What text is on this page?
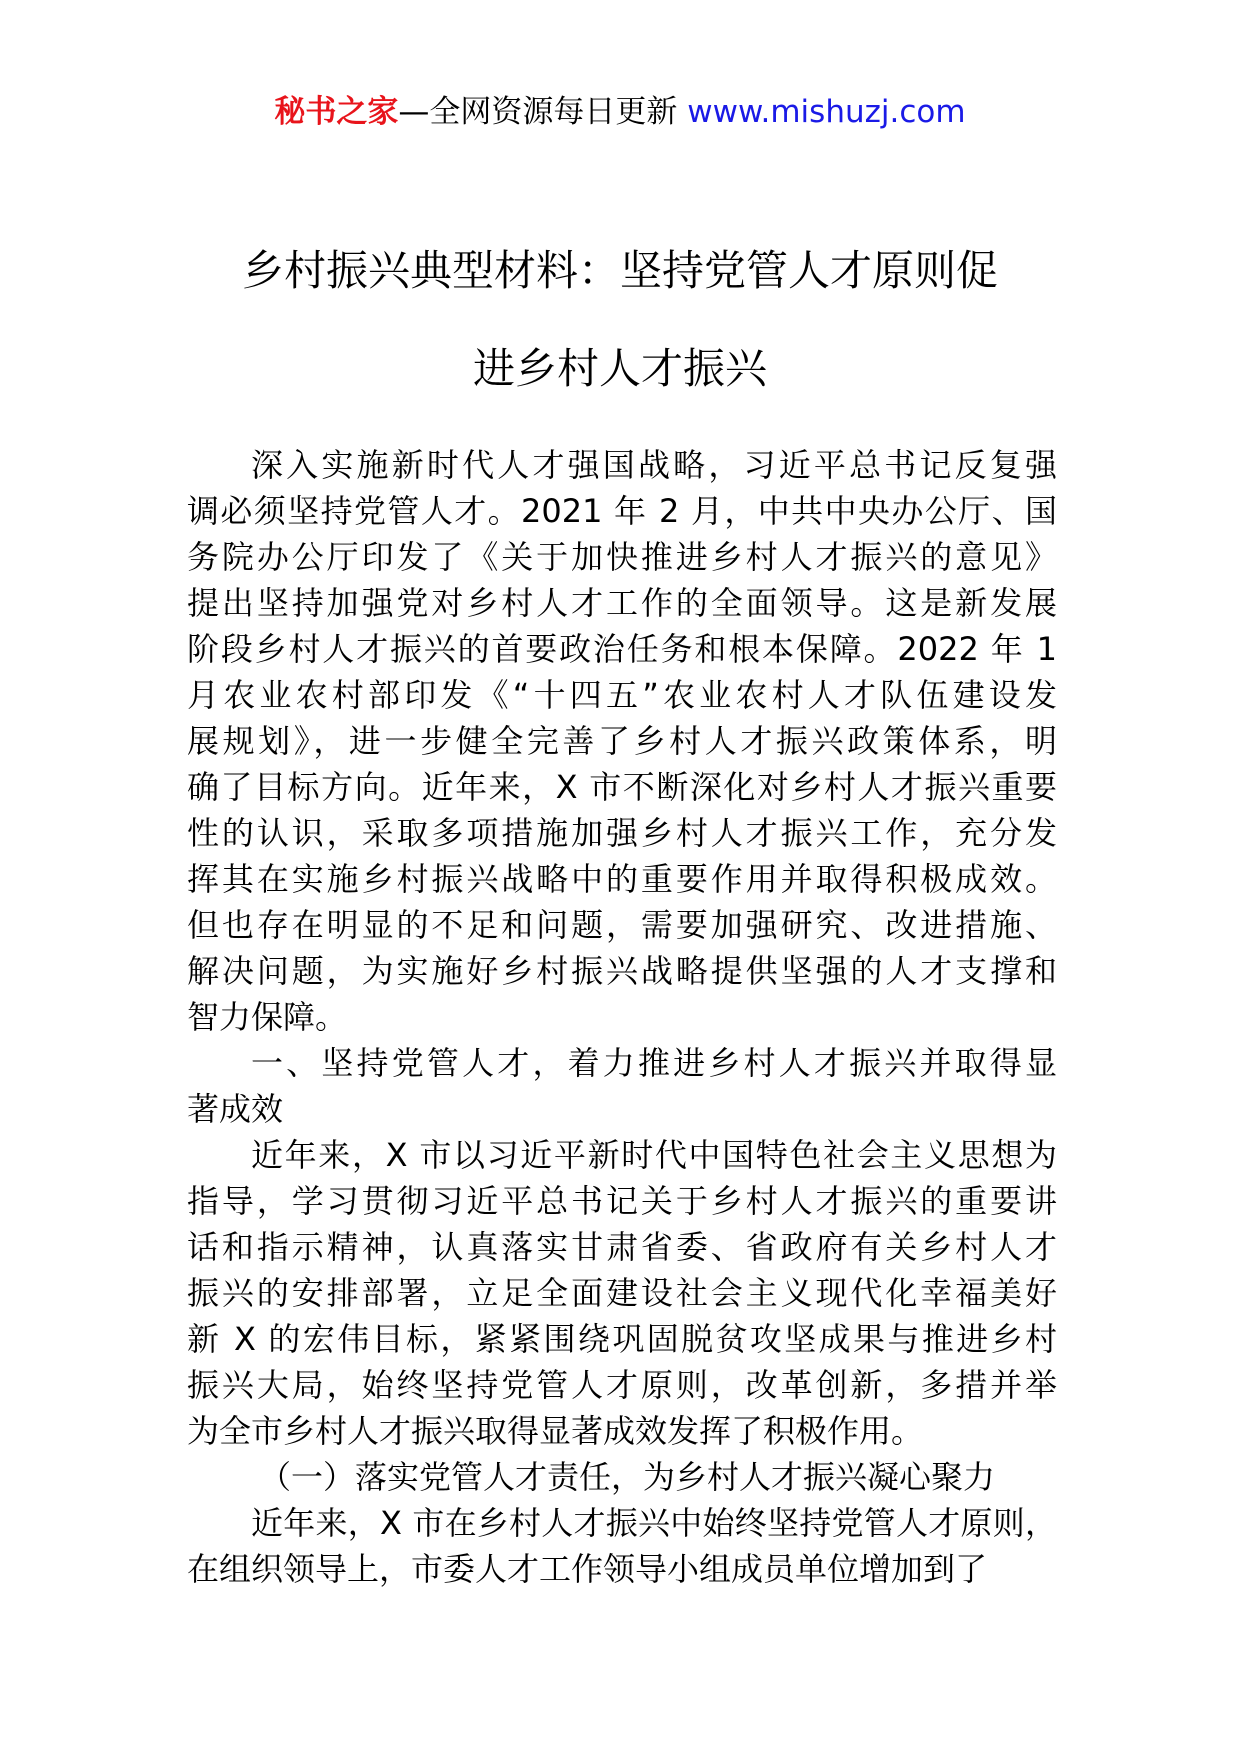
秘书之家—全网资源每日更新 www.mishuzj.com
乡村振兴典型材料：坚持党管人才原则促
进乡村人才振兴
深入实施新时代人才强国战略，习近平总书记反复强
调必须坚持党管人才。2021 年 2 月，中共中央办公厅、国
务院办公厅印发了《关于加快推进乡村人才振兴的意见》
提出坚持加强党对乡村人才工作的全面领导。这是新发展
阶段乡村人才振兴的首要政治任务和根本保障。2022 年 1
月农业农村部印发《“十四五”农业农村人才队伍建设发
展规划》，进一步健全完善了乡村人才振兴政策体系，明
确了目标方向。近年来，X 市不断深化对乡村人才振兴重要
性的认识，采取多项措施加强乡村人才振兴工作，充分发
挥其在实施乡村振兴战略中的重要作用并取得积极成效。
但也存在明显的不足和问题，需要加强研究、改进措施、
解决问题，为实施好乡村振兴战略提供坚强的人才支撑和
智力保障。
一、坚持党管人才，着力推进乡村人才振兴并取得显
著成效
近年来，X 市以习近平新时代中国特色社会主义思想为
指导，学习贯彻习近平总书记关于乡村人才振兴的重要讲
话和指示精神，认真落实甘肃省委、省政府有关乡村人才
振兴的安排部署，立足全面建设社会主义现代化幸福美好
新 X 的宏伟目标，紧紧围绕巩固脱贫攻坚成果与推进乡村
振兴大局，始终坚持党管人才原则，改革创新，多措并举
为全市乡村人才振兴取得显著成效发挥了积极作用。
（一）落实党管人才责任，为乡村人才振兴凝心聚力
近年来，X 市在乡村人才振兴中始终坚持党管人才原则，
在组织领导上，市委人才工作领导小组成员单位增加到了
